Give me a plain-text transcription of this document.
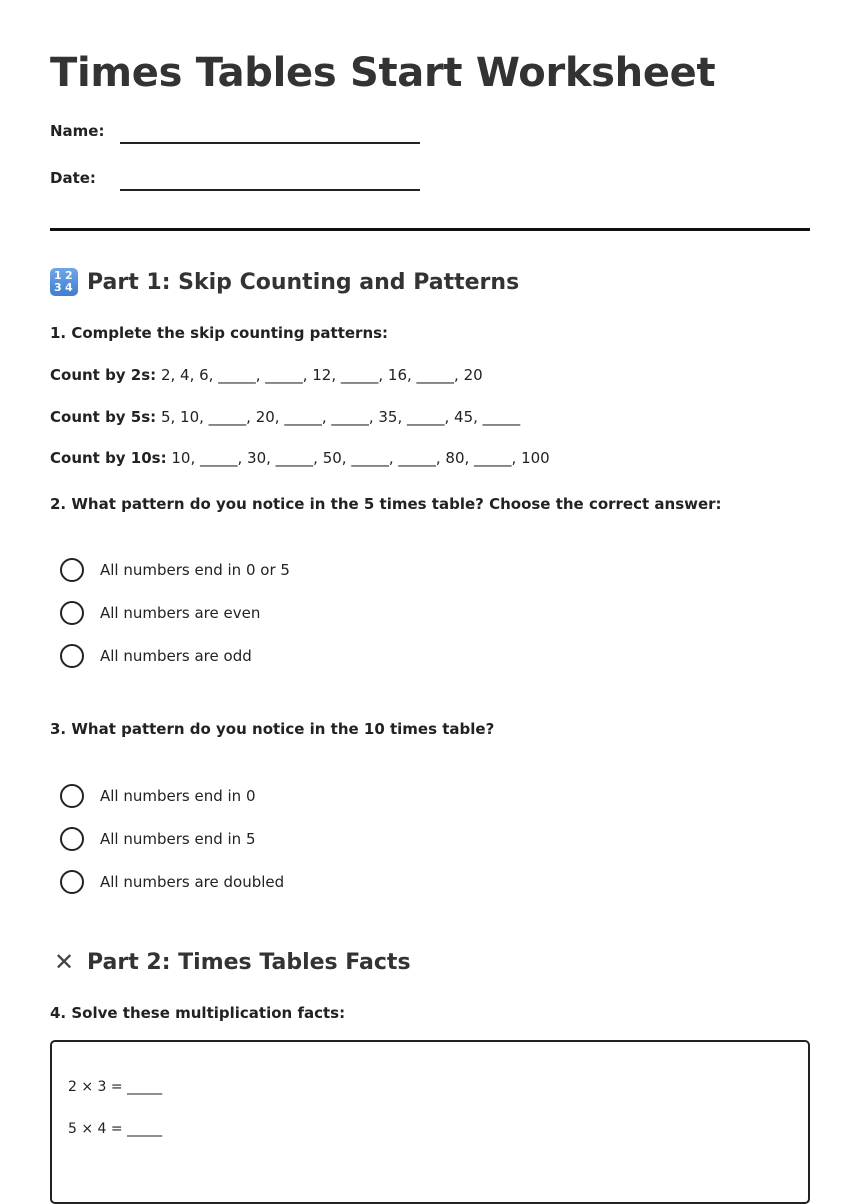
Times Tables Start Worksheet
Name:
Date:
1 2
3 4 Part 1: Skip Counting and Patterns
1. Complete the skip counting patterns:
Count by 2s: 2, 4, 6, _____, _____, 12, _____, 16, _____, 20
Count by 5s: 5, 10, _____, 20, _____, _____, 35, _____, 45, _____
Count by 10s: 10, _____, 30, _____, 50, _____, _____, 80, _____, 100
2. What pattern do you notice in the 5 times table? Choose the correct answer:
All numbers end in 0 or 5
All numbers are even
All numbers are odd
3. What pattern do you notice in the 10 times table?
All numbers end in 0
All numbers end in 5
All numbers are doubled
✕ Part 2: Times Tables Facts
4. Solve these multiplication facts:
2 × 3 = _____
5 × 4 = _____
